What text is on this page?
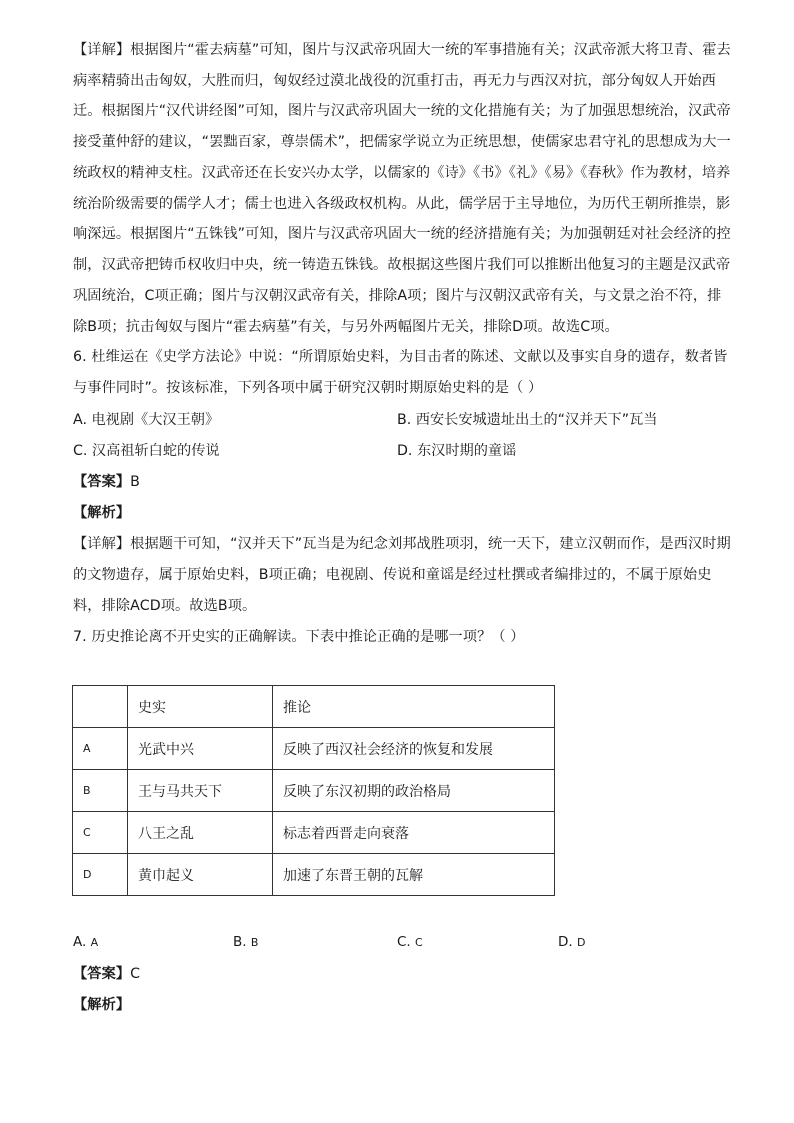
【详解】根据图片“霍去病墓”可知，图片与汉武帝巩固大一统的军事措施有关；汉武帝派大将卫青、霍去
病率精骑出击匈奴，大胜而归，匈奴经过漠北战役的沉重打击，再无力与西汉对抗，部分匈奴人开始西
迁。根据图片“汉代讲经图”可知，图片与汉武帝巩固大一统的文化措施有关；为了加强思想统治，汉武帝
接受董仲舒的建议，“罢黜百家，尊崇儒术”，把儒家学说立为正统思想，使儒家忠君守礼的思想成为大一
统政权的精神支柱。汉武帝还在长安兴办太学，以儒家的《诗》《书》《礼》《易》《春秋》作为教材，培养
统治阶级需要的儒学人才；儒士也进入各级政权机构。从此，儒学居于主导地位，为历代王朝所推崇，影
响深远。根据图片“五铢钱”可知，图片与汉武帝巩固大一统的经济措施有关；为加强朝廷对社会经济的控
制，汉武帝把铸币权收归中央，统一铸造五铢钱。故根据这些图片我们可以推断出他复习的主题是汉武帝
巩固统治，C项正确；图片与汉朝汉武帝有关，排除A项；图片与汉朝汉武帝有关，与文景之治不符，排
除B项；抗击匈奴与图片“霍去病墓”有关，与另外两幅图片无关，排除D项。故选C项。
6. 杜维运在《史学方法论》中说：“所谓原始史料，为目击者的陈述、文献以及事实自身的遗存，数者皆
与事件同时”。按该标准，下列各项中属于研究汉朝时期原始史料的是（ ）
A. 电视剧《大汉王朝》	B. 西安长安城遗址出土的“汉并天下”瓦当
C. 汉高祖斩白蛇的传说	D. 东汉时期的童谣
【答案】B
【解析】
【详解】根据题干可知，“汉并天下”瓦当是为纪念刘邦战胜项羽，统一天下，建立汉朝而作，是西汉时期
的文物遗存，属于原始史料，B项正确；电视剧、传说和童谣是经过杜撰或者编排过的，不属于原始史
料，排除ACD项。故选B项。
7. 历史推论离不开史实的正确解读。下表中推论正确的是哪一项？（ ）
	史实	推论
A	光武中兴	反映了西汉社会经济的恢复和发展
B	王与马共天下	反映了东汉初期的政治格局
C	八王之乱	标志着西晋走向衰落
D	黄巾起义	加速了东晋王朝的瓦解
A. A	B. B	C. C	D. D
【答案】C
【解析】
